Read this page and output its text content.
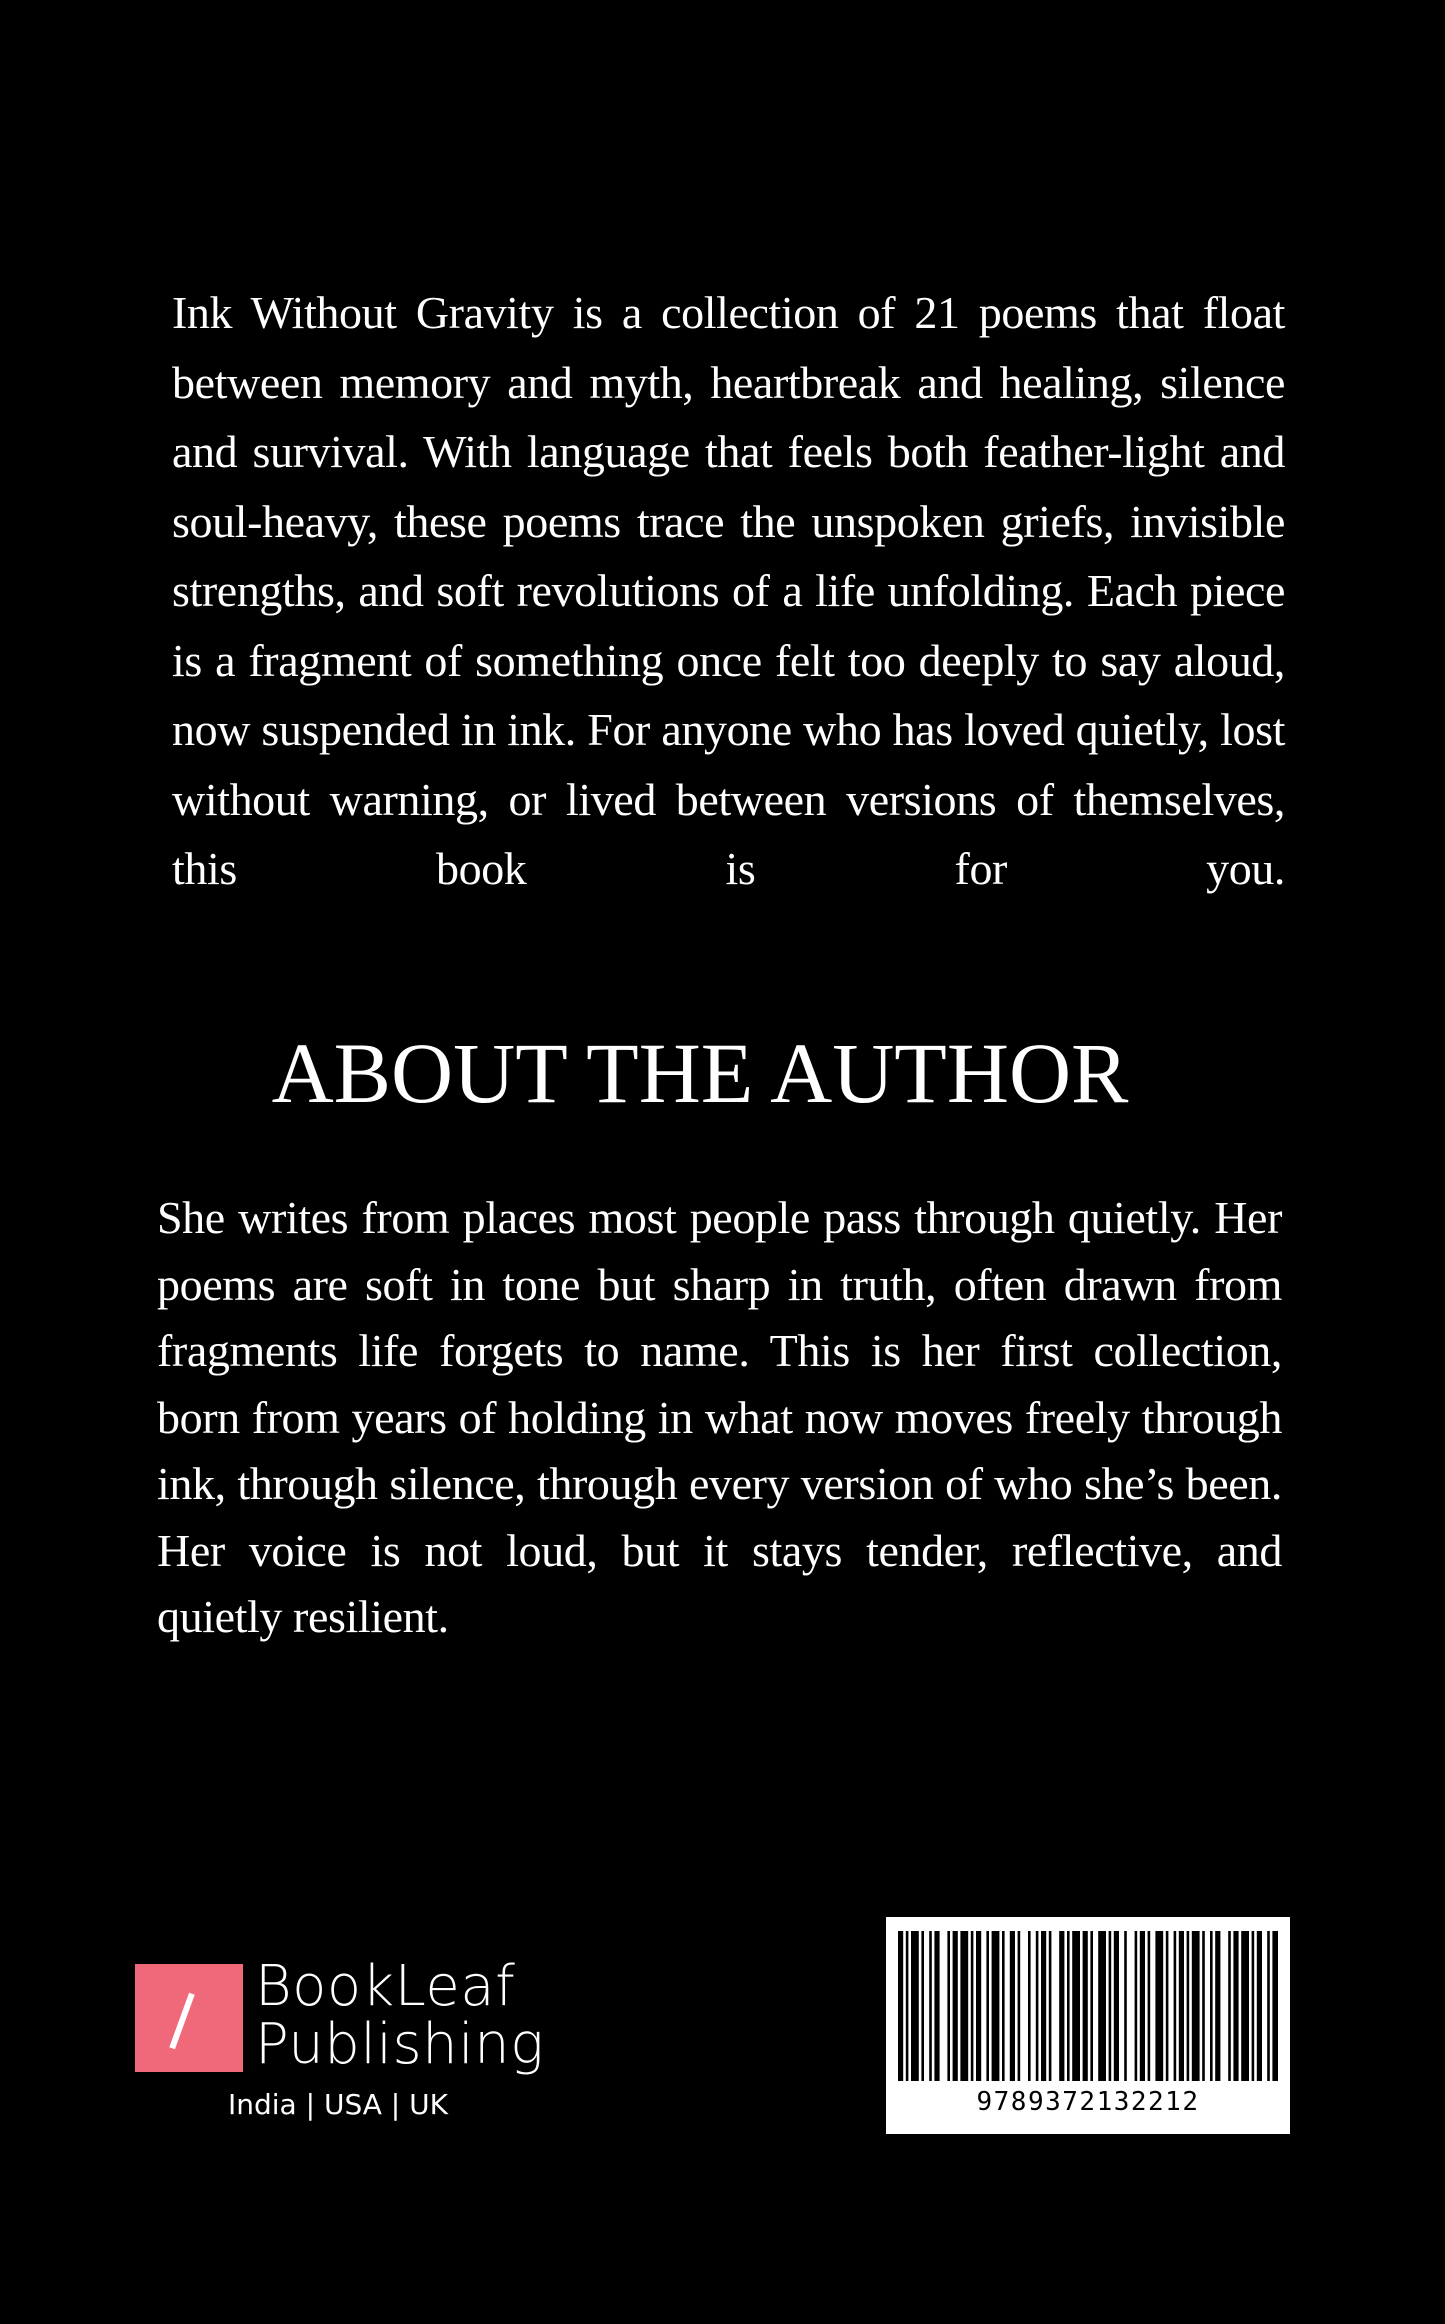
Ink Without Gravity is a collection of 21 poems that float between memory and myth, heartbreak and healing, silence and survival. With language that feels both feather-light and soul-heavy, these poems trace the unspoken griefs, invisible strengths, and soft revolutions of a life unfolding. Each piece is a fragment of something once felt too deeply to say aloud, now suspended in ink. For anyone who has loved quietly, lost without warning, or lived between versions of themselves, this book is for you.

ABOUT THE AUTHOR

She writes from places most people pass through quietly. Her poems are soft in tone but sharp in truth, often drawn from fragments life forgets to name. This is her first collection, born from years of holding in what now moves freely through ink, through silence, through every version of who she’s been. Her voice is not loud, but it stays tender, reflective, and quietly resilient.

BookLeaf
Publishing
India | USA | UK	9789372132212
